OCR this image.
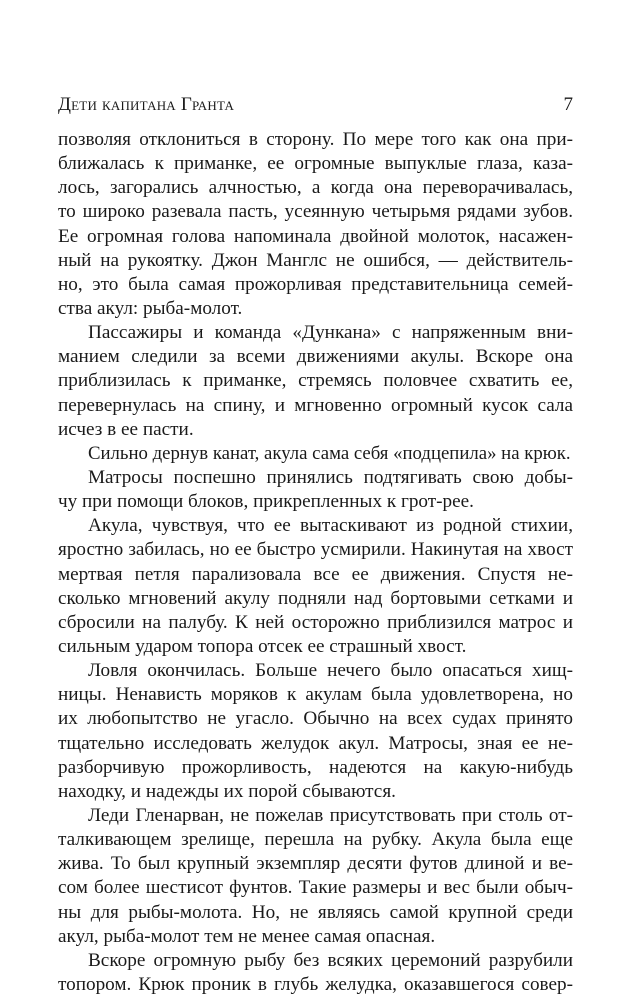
Дети капитана Гранта	7
позволяя отклониться в сторону. По мере того как она при-
ближалась к приманке, ее огромные выпуклые глаза, каза-
лось, загорались алчностью, а когда она переворачивалась,
то широко разевала пасть, усеянную четырьмя рядами зубов.
Ее огромная голова напоминала двойной молоток, насажен-
ный на рукоятку. Джон Манглс не ошибся, — действитель-
но, это была самая прожорливая представительница семей-
ства акул: рыба-молот.
Пассажиры и команда «Дункана» с напряженным вни-
манием следили за всеми движениями акулы. Вскоре она
приблизилась к приманке, стремясь половчее схватить ее,
перевернулась на спину, и мгновенно огромный кусок сала
исчез в ее пасти.
Сильно дернув канат, акула сама себя «подцепила» на крюк.
Матросы поспешно принялись подтягивать свою добы-
чу при помощи блоков, прикрепленных к грот-рее.
Акула, чувствуя, что ее вытаскивают из родной стихии,
яростно забилась, но ее быстро усмирили. Накинутая на хвост
мертвая петля парализовала все ее движения. Спустя не-
сколько мгновений акулу подняли над бортовыми сетками и
сбросили на палубу. К ней осторожно приблизился матрос и
сильным ударом топора отсек ее страшный хвост.
Ловля окончилась. Больше нечего было опасаться хищ-
ницы. Ненависть моряков к акулам была удовлетворена, но
их любопытство не угасло. Обычно на всех судах принято
тщательно исследовать желудок акул. Матросы, зная ее не-
разборчивую прожорливость, надеются на какую-нибудь
находку, и надежды их порой сбываются.
Леди Гленарван, не пожелав присутствовать при столь от-
талкивающем зрелище, перешла на рубку. Акула была еще
жива. То был крупный экземпляр десяти футов длиной и ве-
сом более шестисот фунтов. Такие размеры и вес были обыч-
ны для рыбы-молота. Но, не являясь самой крупной среди
акул, рыба-молот тем не менее самая опасная.
Вскоре огромную рыбу без всяких церемоний разрубили
топором. Крюк проник в глубь желудка, оказавшегося совер-
